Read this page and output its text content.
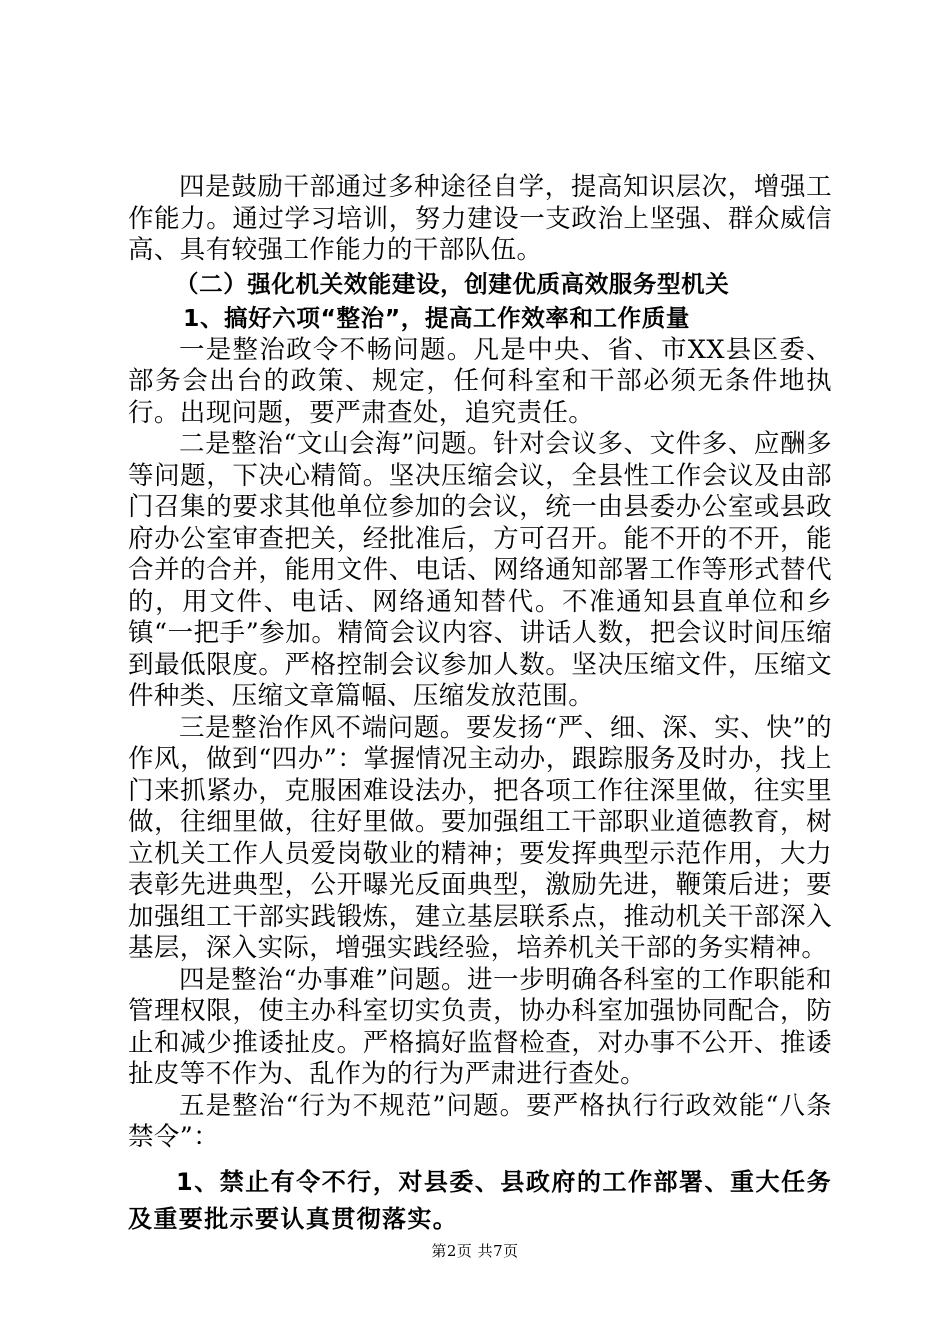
四是鼓励干部通过多种途径自学，提高知识层次，增强工作能力。通过学习培训，努力建设一支政治上坚强、群众威信高、具有较强工作能力的干部队伍。

（二）强化机关效能建设，创建优质高效服务型机关

1、搞好六项“整治”，提高工作效率和工作质量

一是整治政令不畅问题。凡是中央、省、市XX县区委、部务会出台的政策、规定，任何科室和干部必须无条件地执行。出现问题，要严肃查处，追究责任。

二是整治“文山会海”问题。针对会议多、文件多、应酬多等问题，下决心精简。坚决压缩会议，全县性工作会议及由部门召集的要求其他单位参加的会议，统一由县委办公室或县政府办公室审查把关，经批准后，方可召开。能不开的不开，能合并的合并，能用文件、电话、网络通知部署工作等形式替代的，用文件、电话、网络通知替代。不准通知县直单位和乡镇“一把手”参加。精简会议内容、讲话人数，把会议时间压缩到最低限度。严格控制会议参加人数。坚决压缩文件，压缩文件种类、压缩文章篇幅、压缩发放范围。

三是整治作风不端问题。要发扬“严、细、深、实、快”的作风，做到“四办”：掌握情况主动办，跟踪服务及时办，找上门来抓紧办，克服困难设法办，把各项工作往深里做，往实里做，往细里做，往好里做。要加强组工干部职业道德教育，树立机关工作人员爱岗敬业的精神；要发挥典型示范作用，大力表彰先进典型，公开曝光反面典型，激励先进，鞭策后进；要加强组工干部实践锻炼，建立基层联系点，推动机关干部深入基层，深入实际，增强实践经验，培养机关干部的务实精神。

四是整治“办事难”问题。进一步明确各科室的工作职能和管理权限，使主办科室切实负责，协办科室加强协同配合，防止和减少推诿扯皮。严格搞好监督检查，对办事不公开、推诿扯皮等不作为、乱作为的行为严肃进行查处。

五是整治“行为不规范”问题。要严格执行行政效能“八条禁令”：

1、禁止有令不行，对县委、县政府的工作部署、重大任务及重要批示要认真贯彻落实。

第2页 共7页
